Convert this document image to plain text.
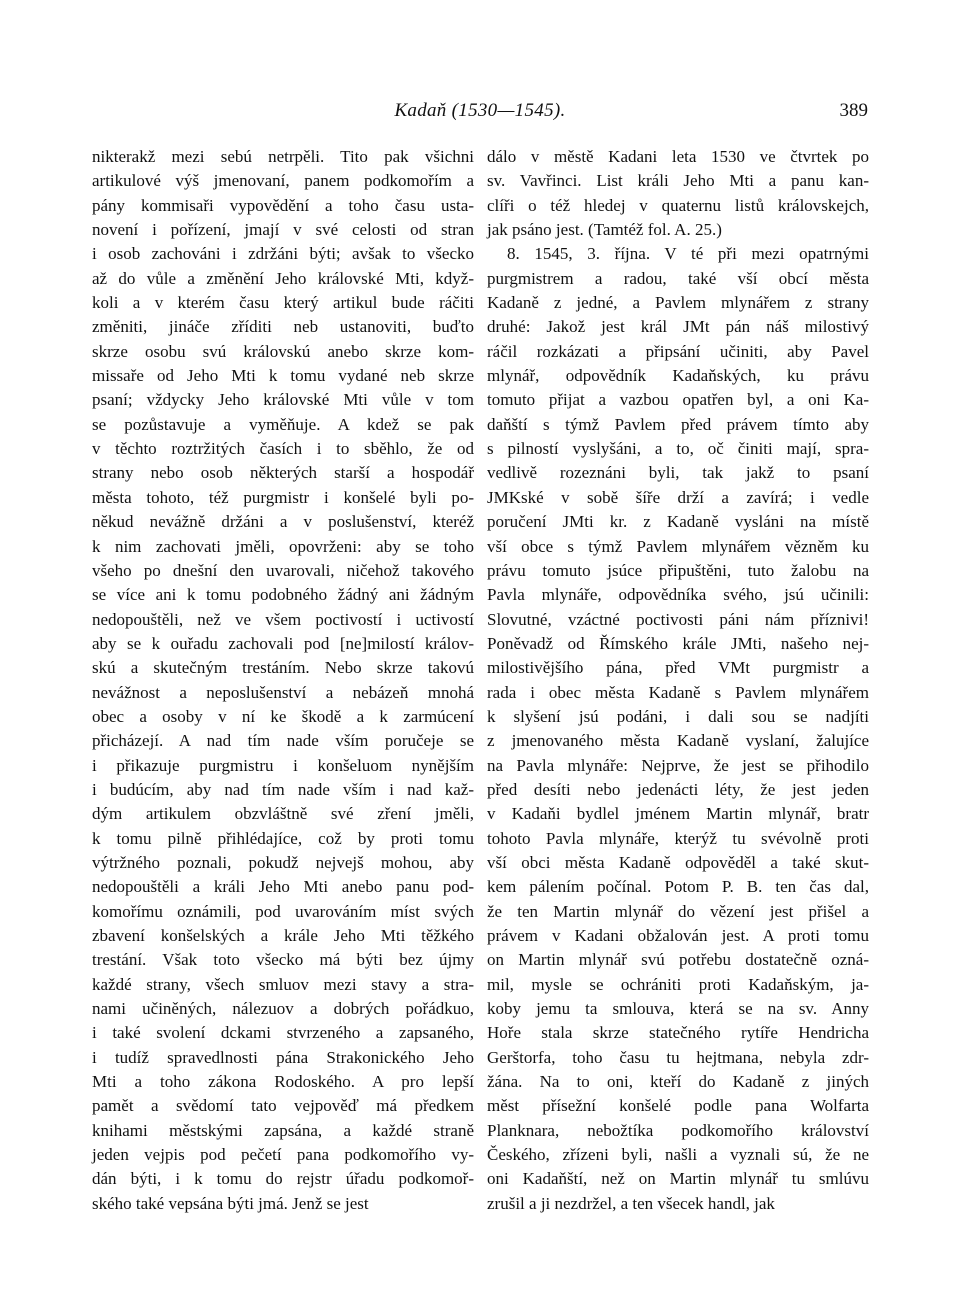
Kadaň (1530—1545).	389
nikterakž mezi sebú netrpěli. Tito pak všichni
artikulové výš jmenovaní, panem podkomořím a
pány kommisaři vypovědění a toho času usta-
novení i pořízení, jmají v své celosti od stran
i osob zachováni i zdržáni býti; avšak to všecko
až do vůle a změnění Jeho královské Mti, když-
koli a v kterém času který artikul bude ráčiti
změniti, jináče zříditi neb ustanoviti, buďto
skrze osobu svú královskú anebo skrze kom-
missaře od Jeho Mti k tomu vydané neb skrze
psaní; vždycky Jeho královské Mti vůle v tom
se pozůstavuje a vyměňuje. A kdež se pak
v těchto roztržitých časích i to sběhlo, že od
strany nebo osob některých starší a hospodář
města tohoto, též purgmistr i konšelé byli po-
někud nevážně držáni a v poslušenství, kteréž
k nim zachovati jměli, opovrženi: aby se toho
všeho po dnešní den uvarovali, ničehož takového
se více ani k tomu podobného žádný ani žádným
nedopouštěli, než ve všem poctivostí i uctivostí
aby se k ouřadu zachovali pod [ne]milostí králov-
skú a skutečným trestáním. Nebo skrze takovú
nevážnost a neposlušenství a nebázeň mnohá
obec a osoby v ní ke škodě a k zarmúcení
přicházejí. A nad tím nade vším poručeje se
i přikazuje purgmistru i konšeluom nynějším
i budúcím, aby nad tím nade vším i nad kaž-
dým artikulem obzvláštně své zření jměli,
k tomu pilně přihlédajíce, což by proti tomu
výtržného poznali, pokudž nejvejš mohou, aby
nedopouštěli a králi Jeho Mti anebo panu pod-
komořímu oznámili, pod uvarováním míst svých
zbavení konšelských a krále Jeho Mti těžkého
trestání. Však toto všecko má býti bez újmy
každé strany, všech smluov mezi stavy a stra-
nami učiněných, nálezuov a dobrých pořádkuo,
i také svolení dckami stvrzeného a zapsaného,
i tudíž spravedlnosti pána Strakonického Jeho
Mti a toho zákona Rodoského. A pro lepší
pamět a svědomí tato vejpověď má předkem
knihami městskými zapsána, a každé straně
jeden vejpis pod pečetí pana podkomořího vy-
dán býti, i k tomu do rejstr úřadu podkomoř-
ského také vepsána býti jmá. Jenž se jest
dálo v městě Kadani leta 1530 ve čtvrtek po
sv. Vavřinci. List králi Jeho Mti a panu kan-
clíři o též hledej v quaternu listů královskejch,
jak psáno jest. (Tamtéž fol. A. 25.)
8. 1545, 3. října. V té při mezi opatrnými
purgmistrem a radou, také vší obcí města
Kadaně z jedné, a Pavlem mlynářem z strany
druhé: Jakož jest král JMt pán náš milostivý
ráčil rozkázati a připsání učiniti, aby Pavel
mlynář, odpovědník Kadaňských, ku právu
tomuto přijat a vazbou opatřen byl, a oni Ka-
daňští s týmž Pavlem před právem tímto aby
s pilností vyslyšáni, a to, oč činiti mají, spra-
vedlivě rozeznáni byli, tak jakž to psaní
JMKské v sobě šíře drží a zavírá; i vedle
poručení JMti kr. z Kadaně vysláni na místě
vší obce s týmž Pavlem mlynářem vězněm ku
právu tomuto jsúce připuštěni, tuto žalobu na
Pavla mlynáře, odpovědníka svého, jsú učinili:
Slovutné, vzáctné poctivosti páni nám příznivi!
Poněvadž od Římského krále JMti, našeho nej-
milostivějšího pána, před VMt purgmistr a
rada i obec města Kadaně s Pavlem mlynářem
k slyšení jsú podáni, i dali sou se nadjíti
z jmenovaného města Kadaně vyslaní, žalujíce
na Pavla mlynáře: Nejprve, že jest se přihodilo
před desíti nebo jedenácti léty, že jest jeden
v Kadaňi bydlel jménem Martin mlynář, bratr
tohoto Pavla mlynáře, kterýž tu svévolně proti
vší obci města Kadaně odpověděl a také skut-
kem pálením počínal. Potom P. B. ten čas dal,
že ten Martin mlynář do vězení jest přišel a
právem v Kadani obžalován jest. A proti tomu
on Martin mlynář svú potřebu dostatečně ozná-
mil, mysle se ochrániti proti Kadaňským, ja-
koby jemu ta smlouva, která se na sv. Anny
Hoře stala skrze statečného rytíře Hendricha
Gerštorfa, toho času tu hejtmana, nebyla zdr-
žána. Na to oni, kteří do Kadaně z jiných
měst přísežní konšelé podle pana Wolfarta
Planknara, nebožtíka podkomořího království
Českého, zřízeni byli, našli a vyznali sú, že ne
oni Kadaňští, než on Martin mlynář tu smlúvu
zrušil a ji nezdržel, a ten všecek handl, jak
